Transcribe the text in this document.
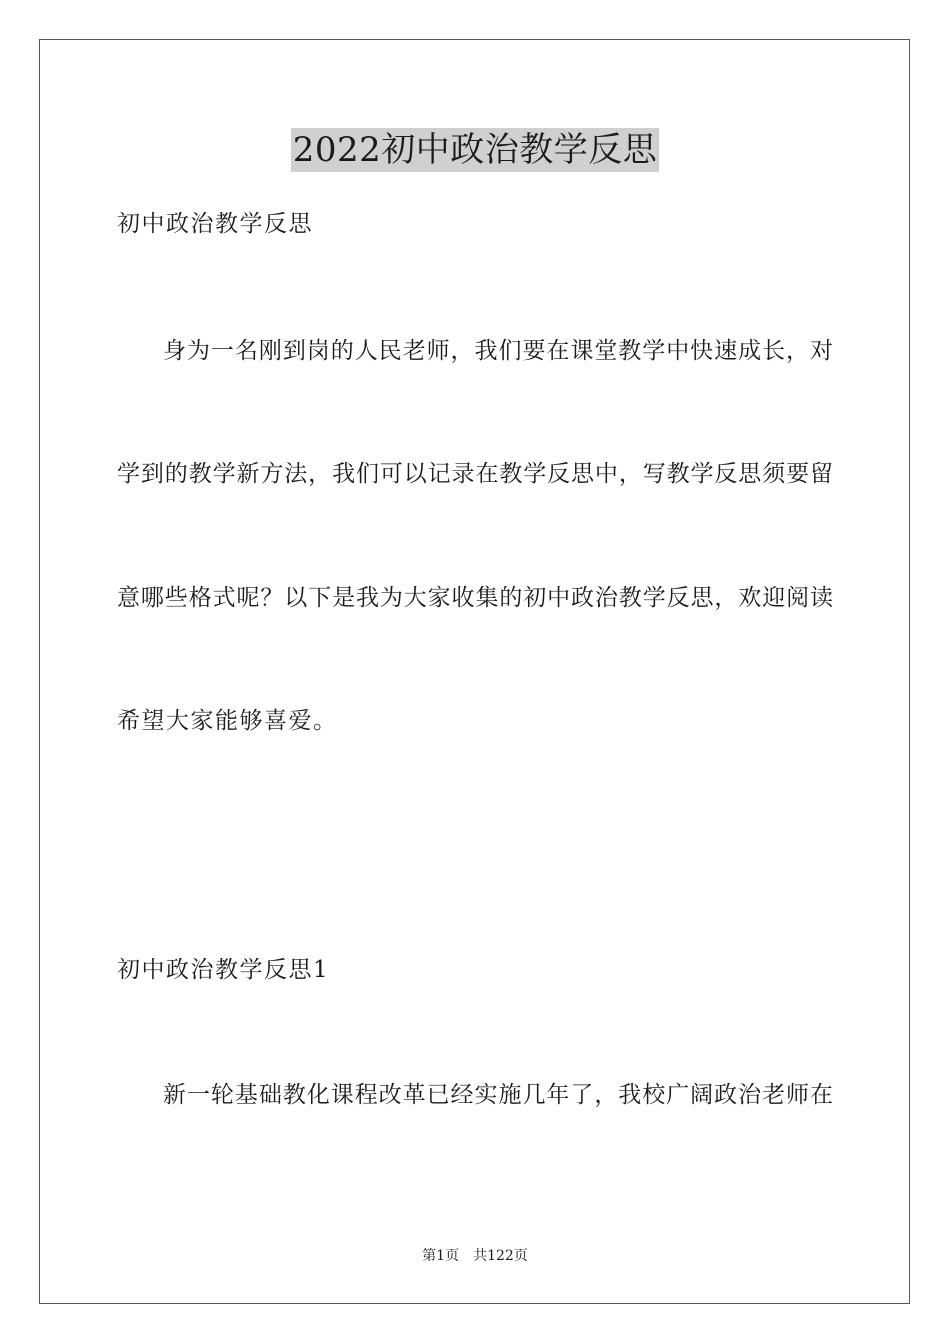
2022初中政治教学反思
初中政治教学反思
身为一名刚到岗的人民老师，我们要在课堂教学中快速成长，对
学到的教学新方法，我们可以记录在教学反思中，写教学反思须要留
意哪些格式呢？以下是我为大家收集的初中政治教学反思，欢迎阅读
希望大家能够喜爱。
初中政治教学反思1
新一轮基础教化课程改革已经实施几年了，我校广阔政治老师在
第1页 共122页
